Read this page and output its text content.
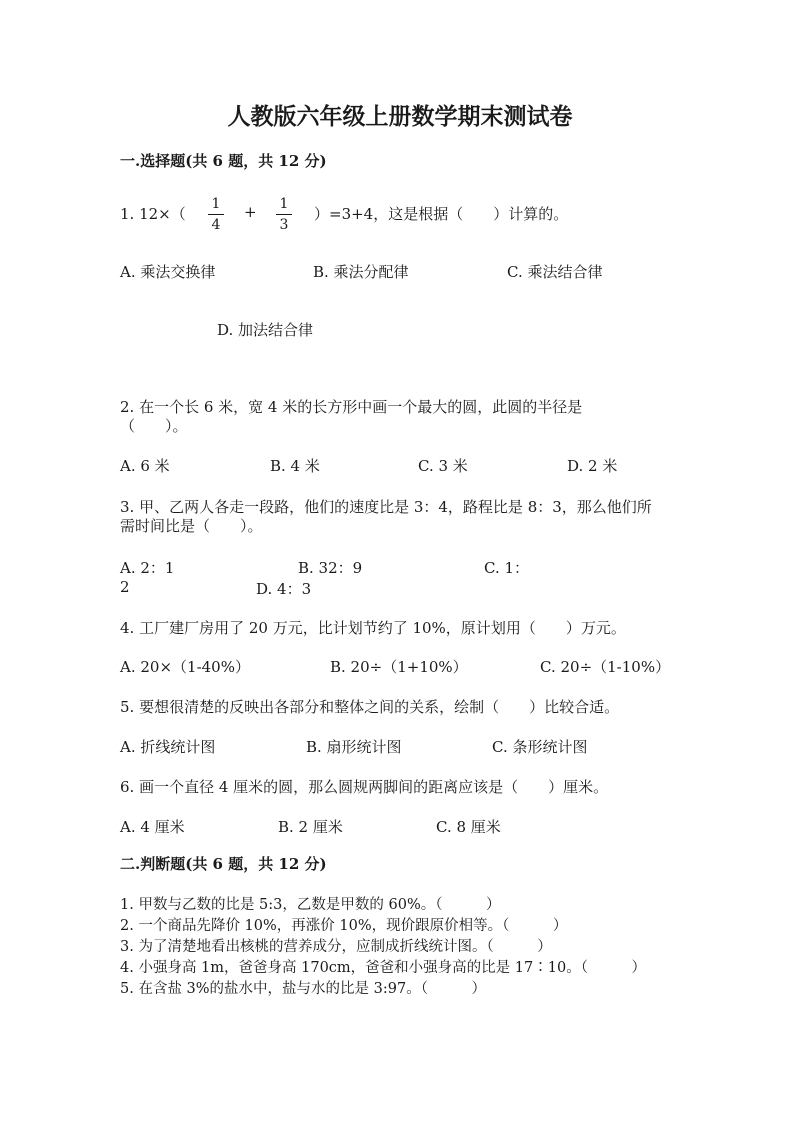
人教版六年级上册数学期末测试卷
一.选择题(共 6 题，共 12 分)
1. 12×（
1
4
+ 1
3
）=3+4，这是根据（　　）计算的。
A. 乘法交换律	B. 乘法分配律	C. 乘法结合律
D. 加法结合律
2. 在一个长 6 米，宽 4 米的长方形中画一个最大的圆，此圆的半径是
（　　）。
A. 6 米	B. 4 米	C. 3 米	D. 2 米
3. 甲、乙两人各走一段路，他们的速度比是 3：4，路程比是 8：3，那么他们所
需时间比是（　　）。
A. 2：1	B. 32：9	C. 1：
2	D. 4：3
4. 工厂建厂房用了 20 万元，比计划节约了 10%，原计划用（　　）万元。
A. 20×（1-40%）	B. 20÷（1+10%）	C. 20÷（1-10%）
5. 要想很清楚的反映出各部分和整体之间的关系，绘制（　　）比较合适。
A. 折线统计图	B. 扇形统计图	C. 条形统计图
6. 画一个直径 4 厘米的圆，那么圆规两脚间的距离应该是（　　）厘米。
A. 4 厘米	B. 2 厘米	C. 8 厘米
二.判断题(共 6 题，共 12 分)
1. 甲数与乙数的比是 5:3，乙数是甲数的 60%。（　　　）
2. 一个商品先降价 10%，再涨价 10%，现价跟原价相等。（　　　）
3. 为了清楚地看出核桃的营养成分，应制成折线统计图。（　　　）
4. 小强身高 1m，爸爸身高 170cm，爸爸和小强身高的比是 17∶10。（　　　）
5. 在含盐 3%的盐水中，盐与水的比是 3:97。（　　　）
